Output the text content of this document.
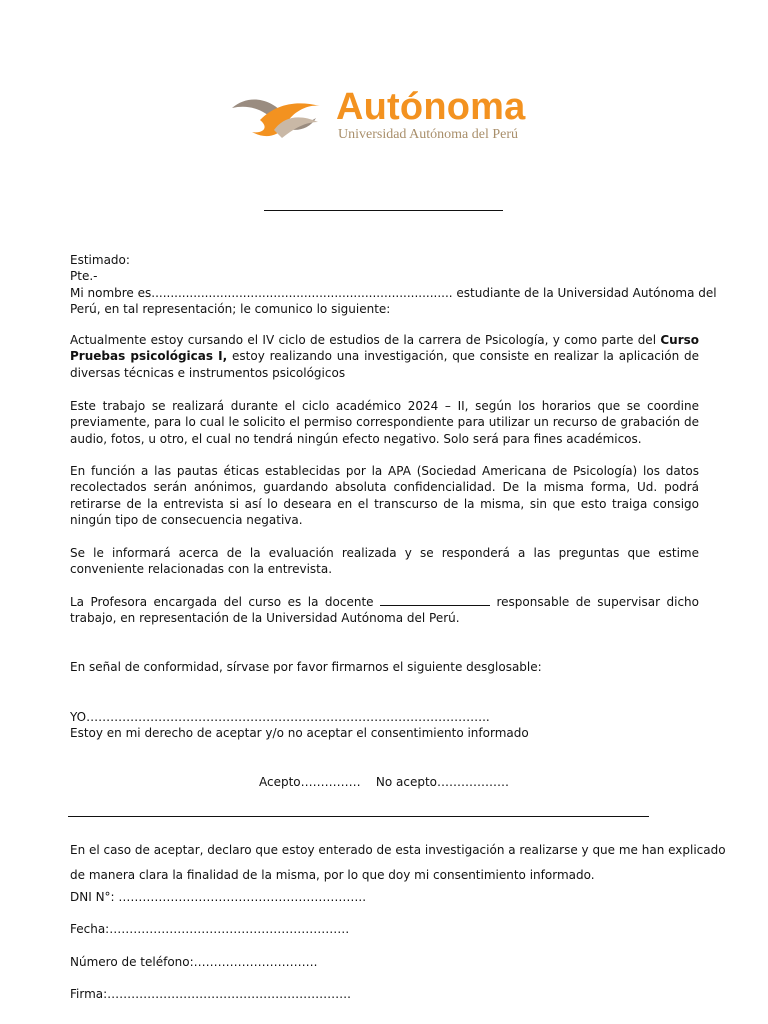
Autónoma
Universidad Autónoma del Perú
Estimado:
Pte.-
Mi nombre es............................................................................... estudiante de la Universidad Autónoma del
Perú, en tal representación; le comunico lo siguiente:
Actualmente estoy cursando el IV ciclo de estudios de la carrera de Psicología, y como parte del Curso Pruebas psicológicas I, estoy realizando una investigación, que consiste en realizar la aplicación de diversas técnicas e instrumentos psicológicos
Este trabajo se realizará durante el ciclo académico 2024 – II, según los horarios que se coordine previamente, para lo cual le solicito el permiso correspondiente para utilizar un recurso de grabación de audio, fotos, u otro, el cual no tendrá ningún efecto negativo. Solo será para fines académicos.
En función a las pautas éticas establecidas por la APA (Sociedad Americana de Psicología) los datos recolectados serán anónimos, guardando absoluta confidencialidad. De la misma forma, Ud. podrá retirarse de la entrevista si así lo deseara en el transcurso de la misma, sin que esto traiga consigo ningún tipo de consecuencia negativa.
Se le informará acerca de la evaluación realizada y se responderá a las preguntas que estime conveniente relacionadas con la entrevista.
La Profesora encargada del curso es la docente	responsable de supervisar dicho trabajo, en representación de la Universidad Autónoma del Perú.
En señal de conformidad, sírvase por favor firmarnos el siguiente desglosable:
YO………………………………………………………………………………………..
Estoy en mi derecho de aceptar y/o no aceptar el consentimiento informado
Acepto…………… No acepto………………
En el caso de aceptar, declaro que estoy enterado de esta investigación a realizarse y que me han explicado
de manera clara la finalidad de la misma, por lo que doy mi consentimiento informado.
DNI N°: ……………………………………………………..
Fecha:……………………………………………………
Número de teléfono:………………………….
Firma:…………………………………………………….
